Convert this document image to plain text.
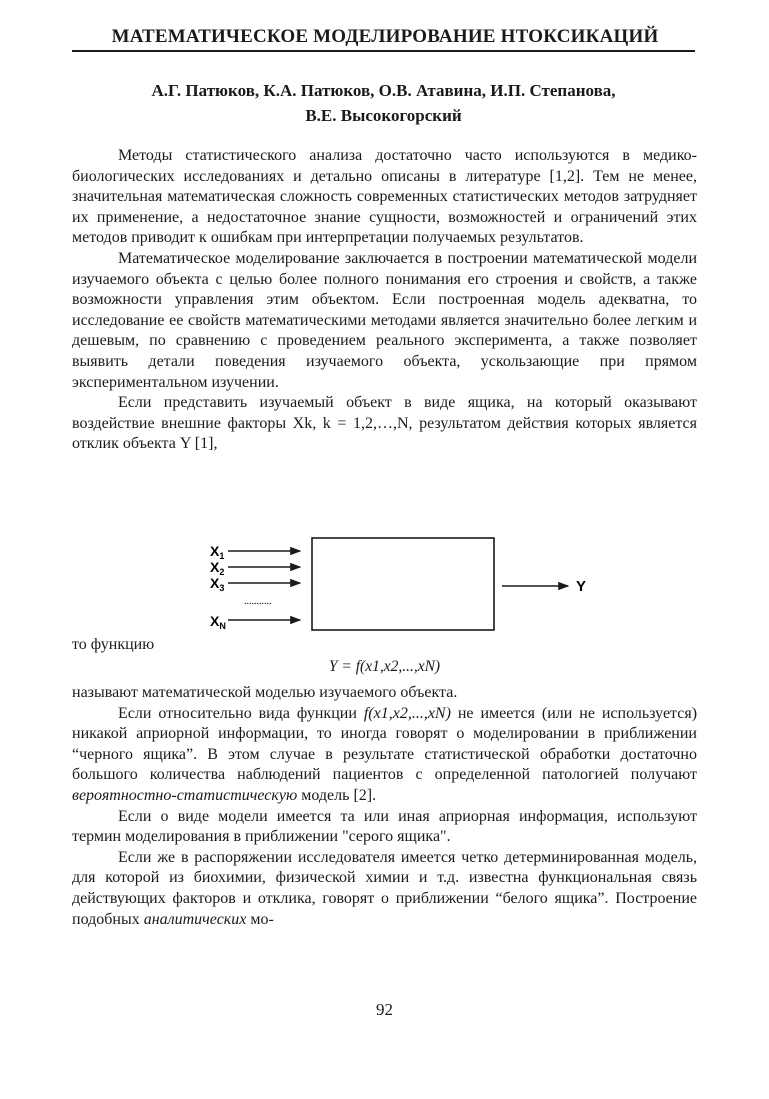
МАТЕМАТИЧЕСКОЕ МОДЕЛИРОВАНИЕ НТОКСИКАЦИЙ
А.Г. Патюков, К.А. Патюков, О.В. Атавина, И.П. Степанова,
В.Е. Высокогорский

Методы статистического анализа достаточно часто используются в медико-биологических исследованиях и детально описаны в литературе [1,2]. Тем не менее, значительная математическая сложность современных статистических методов затрудняет их применение, а недостаточное знание сущности, возможностей и ограничений этих методов приводит к ошибкам при интерпретации получаемых результатов.

Математическое моделирование заключается в построении математической модели изучаемого объекта с целью более полного понимания его строения и свойств, а также возможности управления этим объектом. Если построенная модель адекватна, то исследование ее свойств математическими методами является значительно более легким и дешевым, по сравнению с проведением реального эксперимента, а также позволяет выявить детали поведения изучаемого объекта, ускользающие при прямом экспериментальном изучении.

Если представить изучаемый объект в виде ящика, на который оказывают воздействие внешние факторы Xk, k = 1,2,…,N, результатом действия которых является отклик объекта Y [1],

$X_1$
$X_2$
$X_3$
$X_N$
...........
Y

то функцию

Y = f(x1,x2,...,xN)

называют математической моделью изучаемого объекта.

Если относительно вида функции f(x1,x2,...,xN) не имеется (или не используется) никакой априорной информации, то иногда говорят о моделировании в приближении “черного ящика”. В этом случае в результате статистической обработки достаточно большого количества наблюдений пациентов с определенной патологией получают вероятностно-статистическую модель [2].

Если о виде модели имеется та или иная априорная информация, используют термин моделирования в приближении "серого ящика".

Если же в распоряжении исследователя имеется четко детерминированная модель, для которой из биохимии, физической химии и т.д. известна функциональная связь действующих факторов и отклика, говорят о приближении “белого ящика”. Построение подобных аналитических мо-

92
